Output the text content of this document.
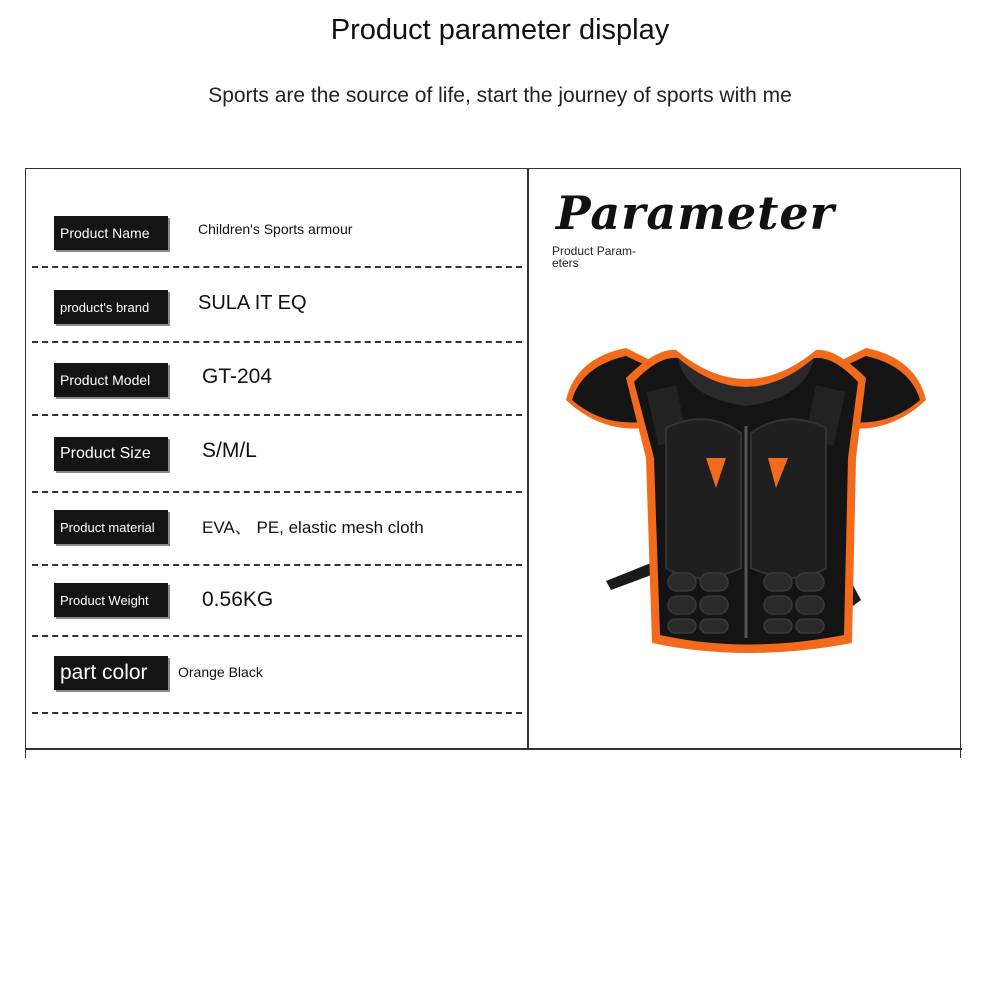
Product parameter display

Sports are the source of life, start the journey of sports with me

Product Name	Children's Sports armour
product's brand	SULA IT EQ
Product Model	GT-204
Product Size	S/M/L
Product material	EVA、 PE, elastic mesh cloth
Product Weight	0.56KG
part color	Orange Black
Parameter
Product Param-eters
